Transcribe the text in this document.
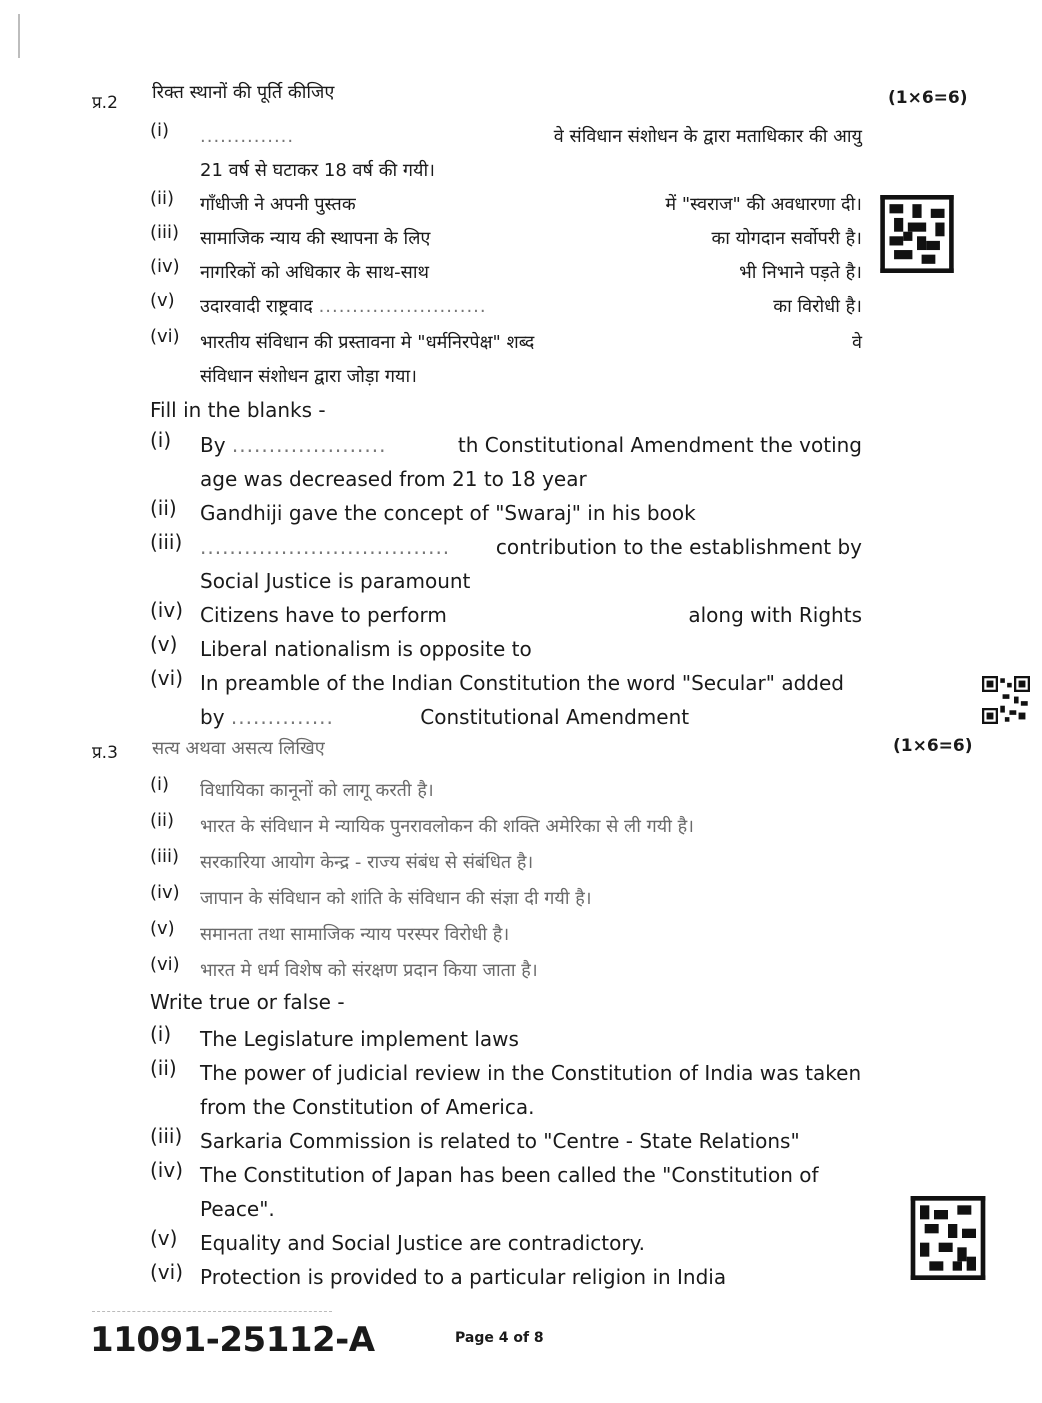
प्र.2 रिक्त स्थानों की पूर्ति कीजिए	(1×6=6)
(i) ..............	वे संविधान संशोधन के द्वारा मताधिकार की आयु
21 वर्ष से घटाकर 18 वर्ष की गयी।
(ii) गाँधीजी ने अपनी पुस्तक	में "स्वराज" की अवधारणा दी।
(iii) सामाजिक न्याय की स्थापना के लिए	का योगदान सर्वोपरी है।
(iv) नागरिकों को अधिकार के साथ-साथ	भी निभाने पड़ते है।
(v) उदारवादी राष्ट्रवाद .........................	का विरोधी है।
(vi) भारतीय संविधान की प्रस्तावना मे "धर्मनिरपेक्ष" शब्द	वे
संविधान संशोधन द्वारा जोड़ा गया।
Fill in the blanks -
(i) By .....................	th Constitutional Amendment the voting
age was decreased from 21 to 18 year
(ii) Gandhiji gave the concept of "Swaraj" in his book
(iii) .................................. contribution to the establishment by
Social Justice is paramount
(iv) Citizens have to perform	along with Rights
(v) Liberal nationalism is opposite to
(vi) In preamble of the Indian Constitution the word "Secular" added
by ..............	Constitutional Amendment
प्र.3 सत्य अथवा असत्य लिखिए	(1×6=6)
(i) विधायिका कानूनों को लागू करती है।
(ii) भारत के संविधान मे न्यायिक पुनरावलोकन की शक्ति अमेरिका से ली गयी है।
(iii) सरकारिया आयोग केन्द्र - राज्य संबंध से संबंधित है।
(iv) जापान के संविधान को शांति के संविधान की संज्ञा दी गयी है।
(v) समानता तथा सामाजिक न्याय परस्पर विरोधी है।
(vi) भारत मे धर्म विशेष को संरक्षण प्रदान किया जाता है।
Write true or false -
(i) The Legislature implement laws
(ii) The power of judicial review in the Constitution of India was taken
from the Constitution of America.
(iii) Sarkaria Commission is related to "Centre - State Relations"
(iv) The Constitution of Japan has been called the "Constitution of
Peace".
(v) Equality and Social Justice are contradictory.
(vi) Protection is provided to a particular religion in India
11091-25112-A	Page 4 of 8
